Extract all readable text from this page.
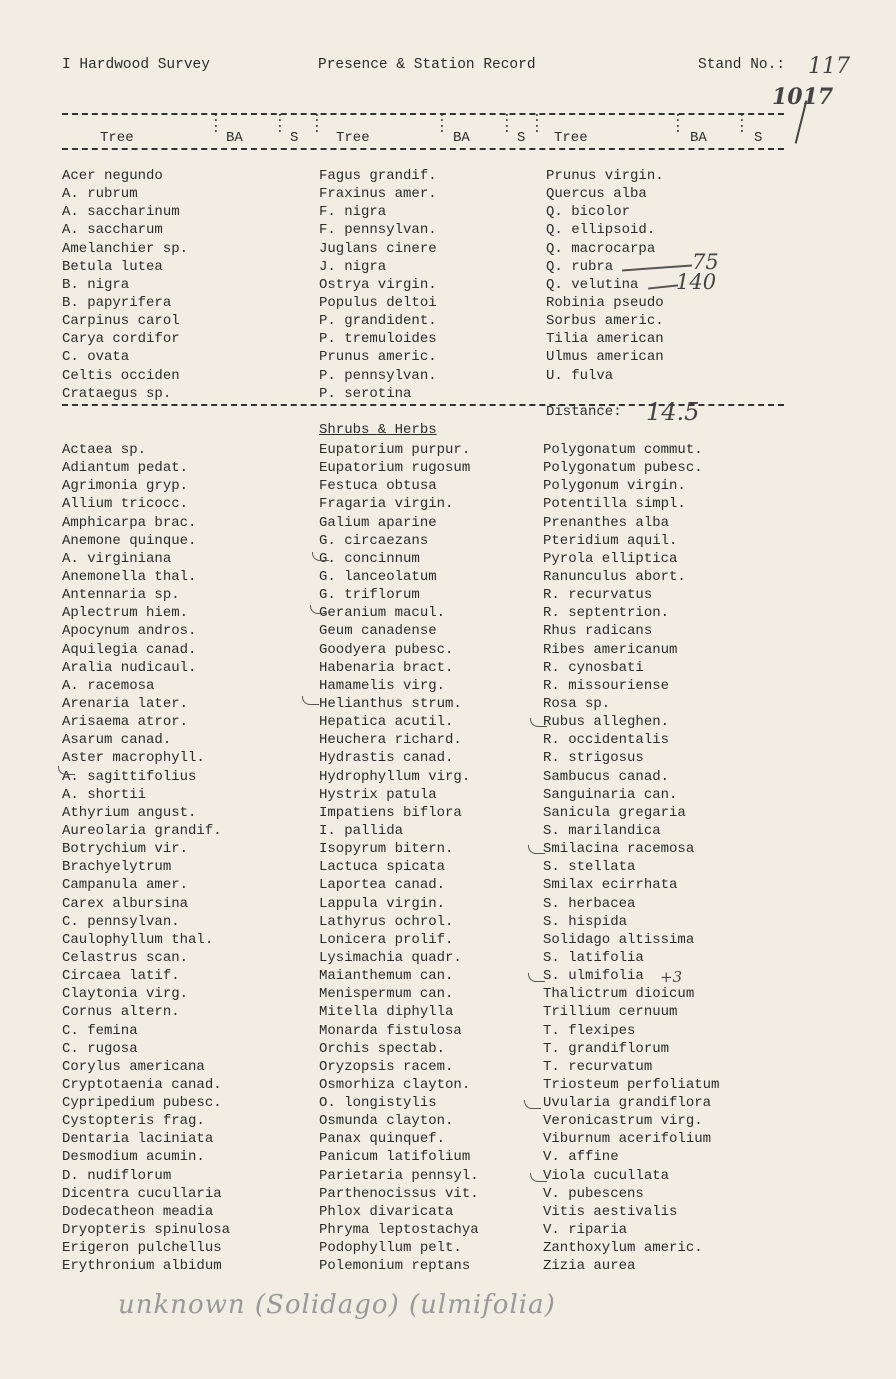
I Hardwood Survey	Presence & Station Record	Stand No.: 117
1017
:
:
:
:
:
:
:
:
:
:
:
:
:
:
:
:
Tree	BA	S	Tree	BA	S Tree	BA	S
Acer negundo
A. rubrum
A. saccharinum
A. saccharum
Amelanchier sp.
Betula lutea
B. nigra
B. papyrifera
Carpinus carol
Carya cordifor
C. ovata
Celtis occiden
Crataegus sp.
Fagus grandif.
Fraxinus amer.
F. nigra
F. pennsylvan.
Juglans cinere
J. nigra
Ostrya virgin.
Populus deltoi
P. grandident.
P. tremuloides
Prunus americ.
P. pennsylvan.
P. serotina
Prunus virgin.
Quercus alba
Q. bicolor
Q. ellipsoid.
Q. macrocarpa
Q. rubra
Q. velutina
Robinia pseudo
Sorbus americ.
Tilia american
Ulmus american
U. fulva
75
140
Distance: 14.5
Shrubs & Herbs
Actaea sp.
Adiantum pedat.
Agrimonia gryp.
Allium tricocc.
Amphicarpa brac.
Anemone quinque.
A. virginiana
Anemonella thal.
Antennaria sp.
Aplectrum hiem.
Apocynum andros.
Aquilegia canad.
Aralia nudicaul.
A. racemosa
Arenaria later.
Arisaema atror.
Asarum canad.
Aster macrophyll.
A. sagittifolius
A. shortii
Athyrium angust.
Aureolaria grandif.
Botrychium vir.
Brachyelytrum
Campanula amer.
Carex albursina
C. pennsylvan.
Caulophyllum thal.
Celastrus scan.
Circaea latif.
Claytonia virg.
Cornus altern.
C. femina
C. rugosa
Corylus americana
Cryptotaenia canad.
Cypripedium pubesc.
Cystopteris frag.
Dentaria laciniata
Desmodium acumin.
D. nudiflorum
Dicentra cucullaria
Dodecatheon meadia
Dryopteris spinulosa
Erigeron pulchellus
Erythronium albidum
Eupatorium purpur.
Eupatorium rugosum
Festuca obtusa
Fragaria virgin.
Galium aparine
G. circaezans
G. concinnum
G. lanceolatum
G. triflorum
Geranium macul.
Geum canadense
Goodyera pubesc.
Habenaria bract.
Hamamelis virg.
Helianthus strum.
Hepatica acutil.
Heuchera richard.
Hydrastis canad.
Hydrophyllum virg.
Hystrix patula
Impatiens biflora
I. pallida
Isopyrum bitern.
Lactuca spicata
Laportea canad.
Lappula virgin.
Lathyrus ochrol.
Lonicera prolif.
Lysimachia quadr.
Maianthemum can.
Menispermum can.
Mitella diphylla
Monarda fistulosa
Orchis spectab.
Oryzopsis racem.
Osmorhiza clayton.
O. longistylis
Osmunda clayton.
Panax quinquef.
Panicum latifolium
Parietaria pennsyl.
Parthenocissus vit.
Phlox divaricata
Phryma leptostachya
Podophyllum pelt.
Polemonium reptans
Polygonatum commut.
Polygonatum pubesc.
Polygonum virgin.
Potentilla simpl.
Prenanthes alba
Pteridium aquil.
Pyrola elliptica
Ranunculus abort.
R. recurvatus
R. septentrion.
Rhus radicans
Ribes americanum
R. cynosbati
R. missouriense
Rosa sp.
Rubus alleghen.
R. occidentalis
R. strigosus
Sambucus canad.
Sanguinaria can.
Sanicula gregaria
S. marilandica
Smilacina racemosa
S. stellata
Smilax ecirrhata
S. herbacea
S. hispida
Solidago altissima
S. latifolia
S. ulmifolia
Thalictrum dioicum
Trillium cernuum
T. flexipes
T. grandiflorum
T. recurvatum
Triosteum perfoliatum
Uvularia grandiflora
Veronicastrum virg.
Viburnum acerifolium
V. affine
Viola cucullata
V. pubescens
Vitis aestivalis
V. riparia
Zanthoxylum americ.
Zizia aurea
+3
unknown (Solidago) (ulmifolia)
